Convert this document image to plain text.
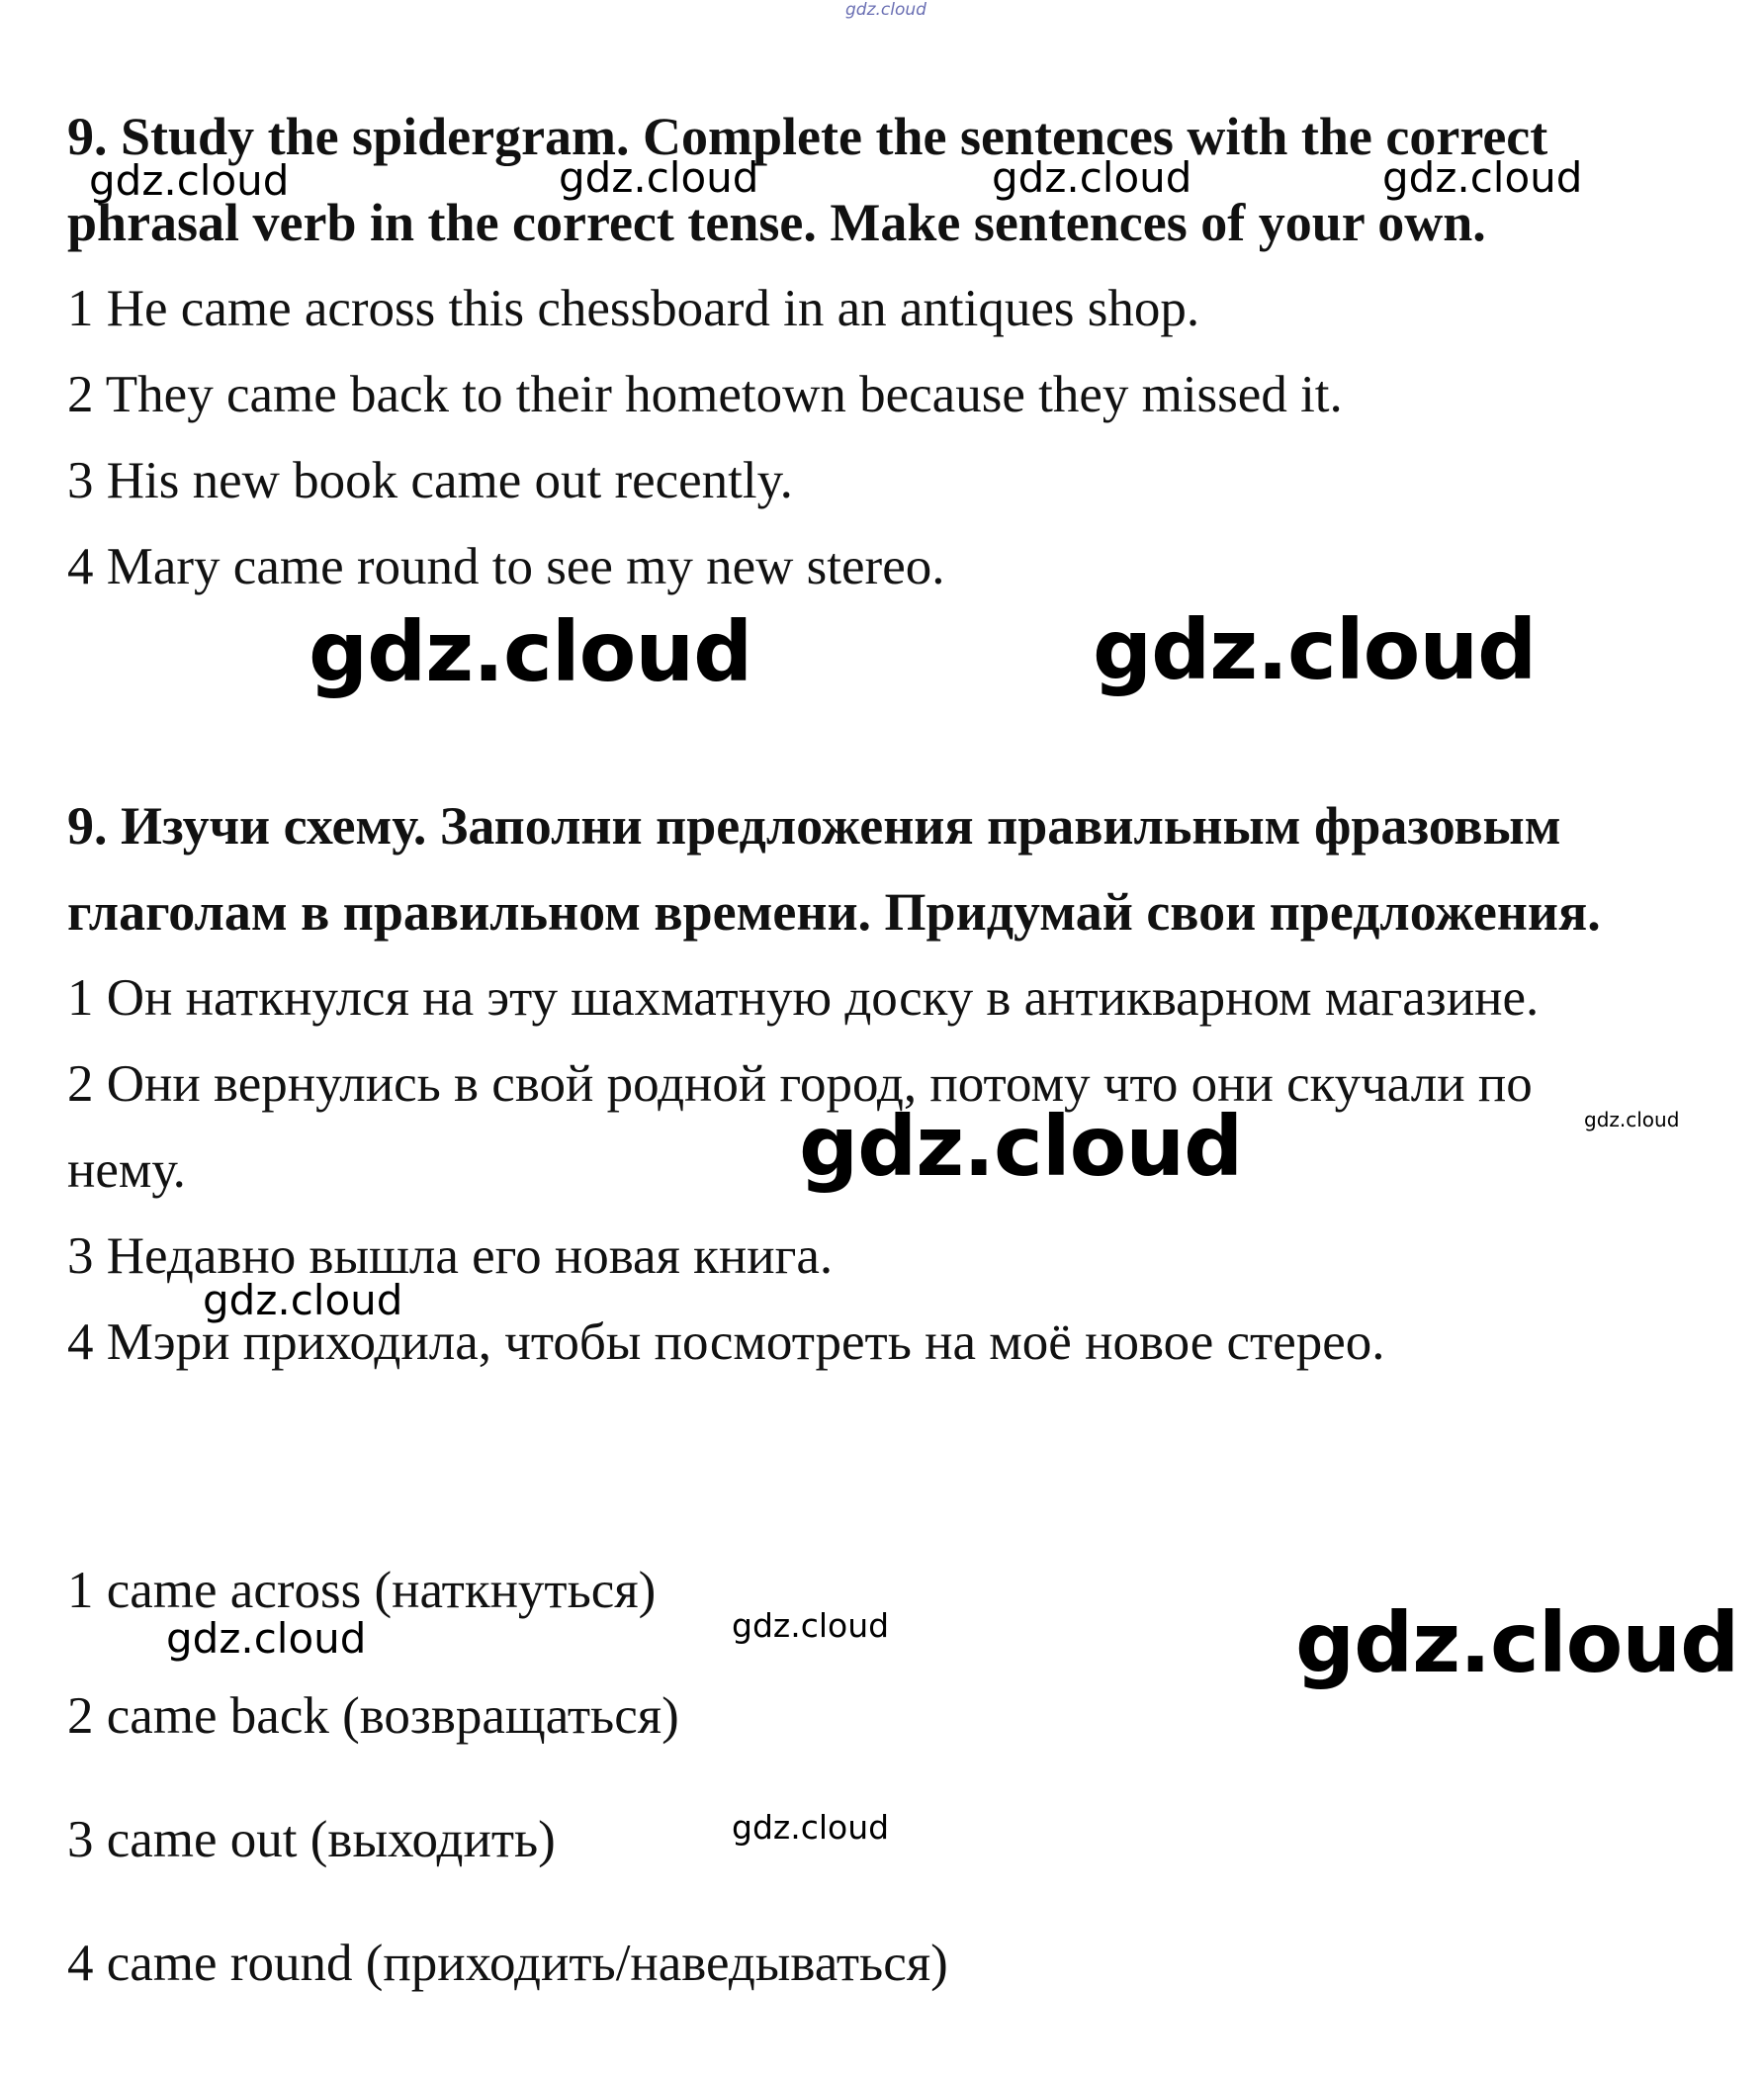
gdz.cloud
9. Study the spidergram. Complete the sentences with the correct
phrasal verb in the correct tense. Make sentences of your own.
gdz.cloud	gdz.cloud	gdz.cloud	gdz.cloud
1 He came across this chessboard in an antiques shop.
2 They came back to their hometown because they missed it.
3 His new book came out recently.
4 Mary came round to see my new stereo.
gdz.cloud	gdz.cloud
9. Изучи схему. Заполни предложения правильным фразовым
глаголам в правильном времени. Придумай свои предложения.
1 Он наткнулся на эту шахматную доску в антикварном магазине.
2 Они вернулись в свой родной город, потому что они скучали по
нему.	gdz.cloud	gdz.cloud
3 Недавно вышла его новая книга.
gdz.cloud
4 Мэри приходила, чтобы посмотреть на моё новое стерео.
1 came across (наткнуться)
gdz.cloud
gdz.cloud	gdz.cloud
2 came back (возвращаться)
gdz.cloud
3 came out (выходить)
4 came round (приходить/наведываться)
